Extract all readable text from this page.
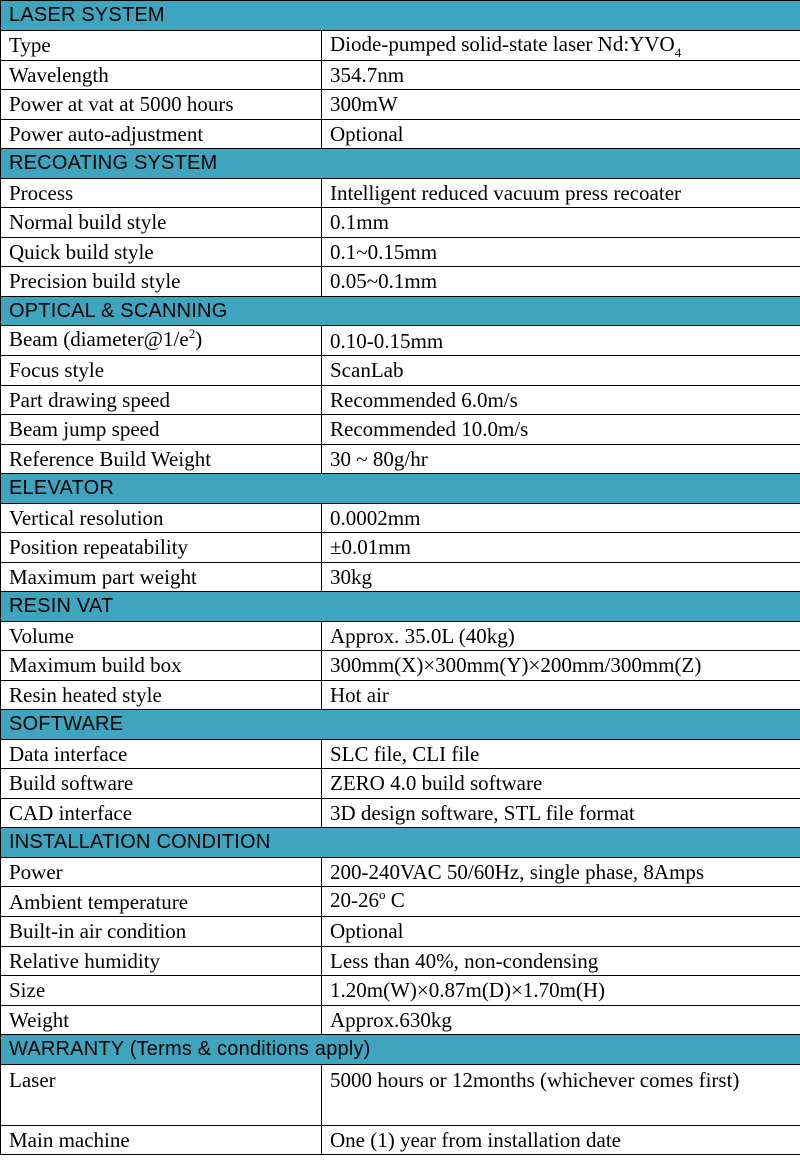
LASER SYSTEM	
Type	Diode-pumped solid-state laser $Nd:YVO_4$
Wavelength	354.7nm
Power at vat at 5000 hours	300mW
Power auto-adjustment	Optional
RECOATING SYSTEM	
Process	Intelligent reduced vacuum press recoater
Normal build style	0.1mm
Quick build style	0.1~0.15mm
Precision build style	0.05~0.1mm
OPTICAL & SCANNING	
Beam $(diameter@1/e^2)$	0.10-0.15mm
Focus style	ScanLab
Part drawing speed	Recommended 6.0m/s
Beam jump speed	Recommended 10.0m/s
Reference Build Weight	30 ~ 80g/hr
ELEVATOR	
Vertical resolution	0.0002mm
Position repeatability	±0.01mm
Maximum part weight	30kg
RESIN VAT	
Volume	Approx. 35.0L (40kg)
Maximum build box	300mm(X)×300mm(Y)×200mm/300mm(Z)
Resin heated style	Hot air
SOFTWARE	
Data interface	SLC file, CLI file
Build software	ZERO 4.0 build software
CAD interface	3D design software, STL file format
INSTALLATION CONDITION	
Power	200-240VAC 50/60Hz, single phase, 8Amps
Ambient temperature	20-26$^o$ C
Built-in air condition	Optional
Relative humidity	Less than 40%, non-condensing
Size	1.20m(W)×0.87m(D)×1.70m(H)
Weight	Approx.630kg
WARRANTY (Terms & conditions apply)	
Laser	5000 hours or 12months (whichever comes first)
Main machine	One (1) year from installation date
